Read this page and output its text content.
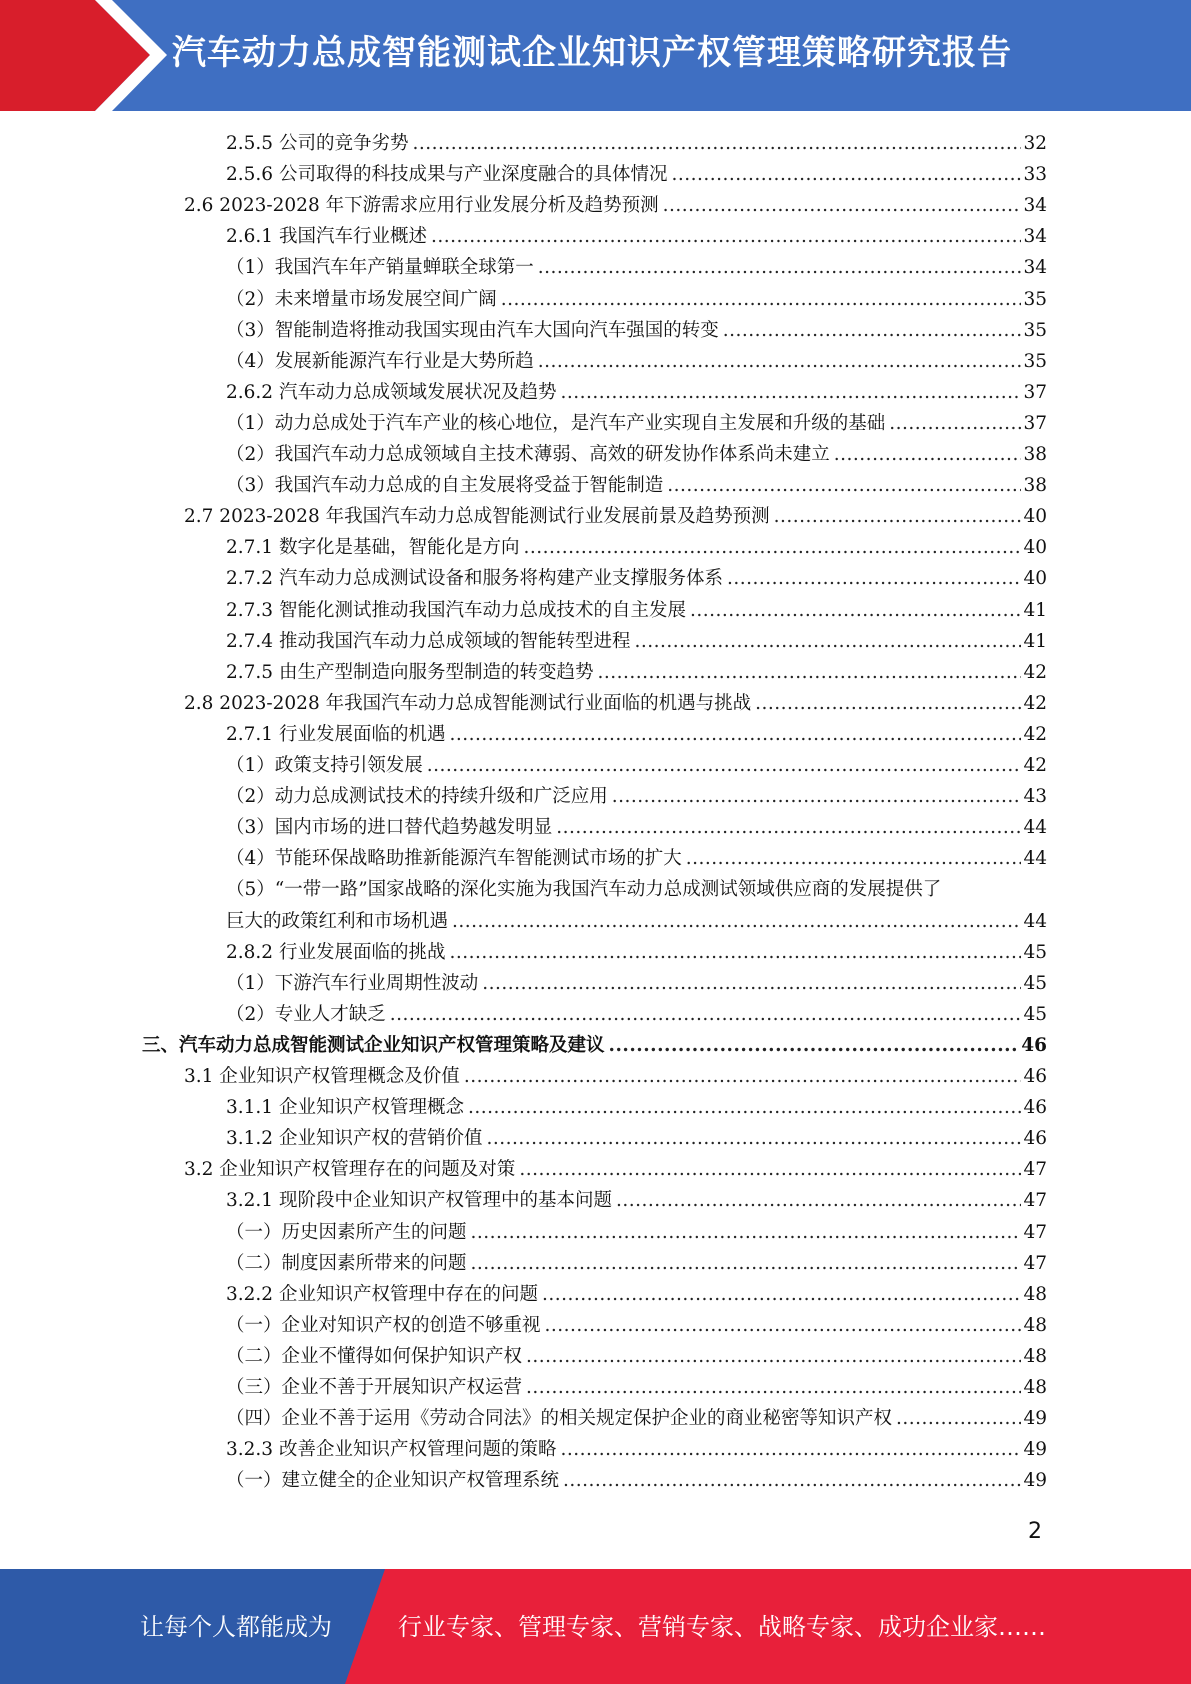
汽车动力总成智能测试企业知识产权管理策略研究报告
2.5.5 公司的竞争劣势 .....	32
2.5.6 公司取得的科技成果与产业深度融合的具体情况 .....	33
2.6 2023-2028 年下游需求应用行业发展分析及趋势预测 .....	34
2.6.1 我国汽车行业概述 .....	34
（1）我国汽车年产销量蝉联全球第一 .....	34
（2）未来增量市场发展空间广阔 .....	35
（3）智能制造将推动我国实现由汽车大国向汽车强国的转变 .....	35
（4）发展新能源汽车行业是大势所趋 .....	35
2.6.2 汽车动力总成领域发展状况及趋势 .....	37
（1）动力总成处于汽车产业的核心地位，是汽车产业实现自主发展和升级的基础 .....	37
（2）我国汽车动力总成领域自主技术薄弱、高效的研发协作体系尚未建立 .....	38
（3）我国汽车动力总成的自主发展将受益于智能制造 .....	38
2.7 2023-2028 年我国汽车动力总成智能测试行业发展前景及趋势预测 .....	40
2.7.1 数字化是基础，智能化是方向 .....	40
2.7.2 汽车动力总成测试设备和服务将构建产业支撑服务体系 .....	40
2.7.3 智能化测试推动我国汽车动力总成技术的自主发展 .....	41
2.7.4 推动我国汽车动力总成领域的智能转型进程 .....	41
2.7.5 由生产型制造向服务型制造的转变趋势 .....	42
2.8 2023-2028 年我国汽车动力总成智能测试行业面临的机遇与挑战 .....	42
2.7.1 行业发展面临的机遇 .....	42
（1）政策支持引领发展 .....	42
（2）动力总成测试技术的持续升级和广泛应用 .....	43
（3）国内市场的进口替代趋势越发明显 .....	44
（4）节能环保战略助推新能源汽车智能测试市场的扩大 .....	44
（5）“一带一路”国家战略的深化实施为我国汽车动力总成测试领域供应商的发展提供了
巨大的政策红利和市场机遇 .....	44
2.8.2 行业发展面临的挑战 .....	45
（1）下游汽车行业周期性波动 .....	45
（2）专业人才缺乏 .....	45
三、汽车动力总成智能测试企业知识产权管理策略及建议 .....	46
3.1 企业知识产权管理概念及价值 .....	46
3.1.1 企业知识产权管理概念 .....	46
3.1.2 企业知识产权的营销价值 .....	46
3.2 企业知识产权管理存在的问题及对策 .....	47
3.2.1 现阶段中企业知识产权管理中的基本问题 .....	47
（一）历史因素所产生的问题 .....	47
（二）制度因素所带来的问题 .....	47
3.2.2 企业知识产权管理中存在的问题 .....	48
（一）企业对知识产权的创造不够重视 .....	48
（二）企业不懂得如何保护知识产权 .....	48
（三）企业不善于开展知识产权运营 .....	48
（四）企业不善于运用《劳动合同法》的相关规定保护企业的商业秘密等知识产权 .....	49
3.2.3 改善企业知识产权管理问题的策略 .....	49
（一）建立健全的企业知识产权管理系统 .....	49
2
让每个人都能成为	行业专家、管理专家、营销专家、战略专家、成功企业家……
